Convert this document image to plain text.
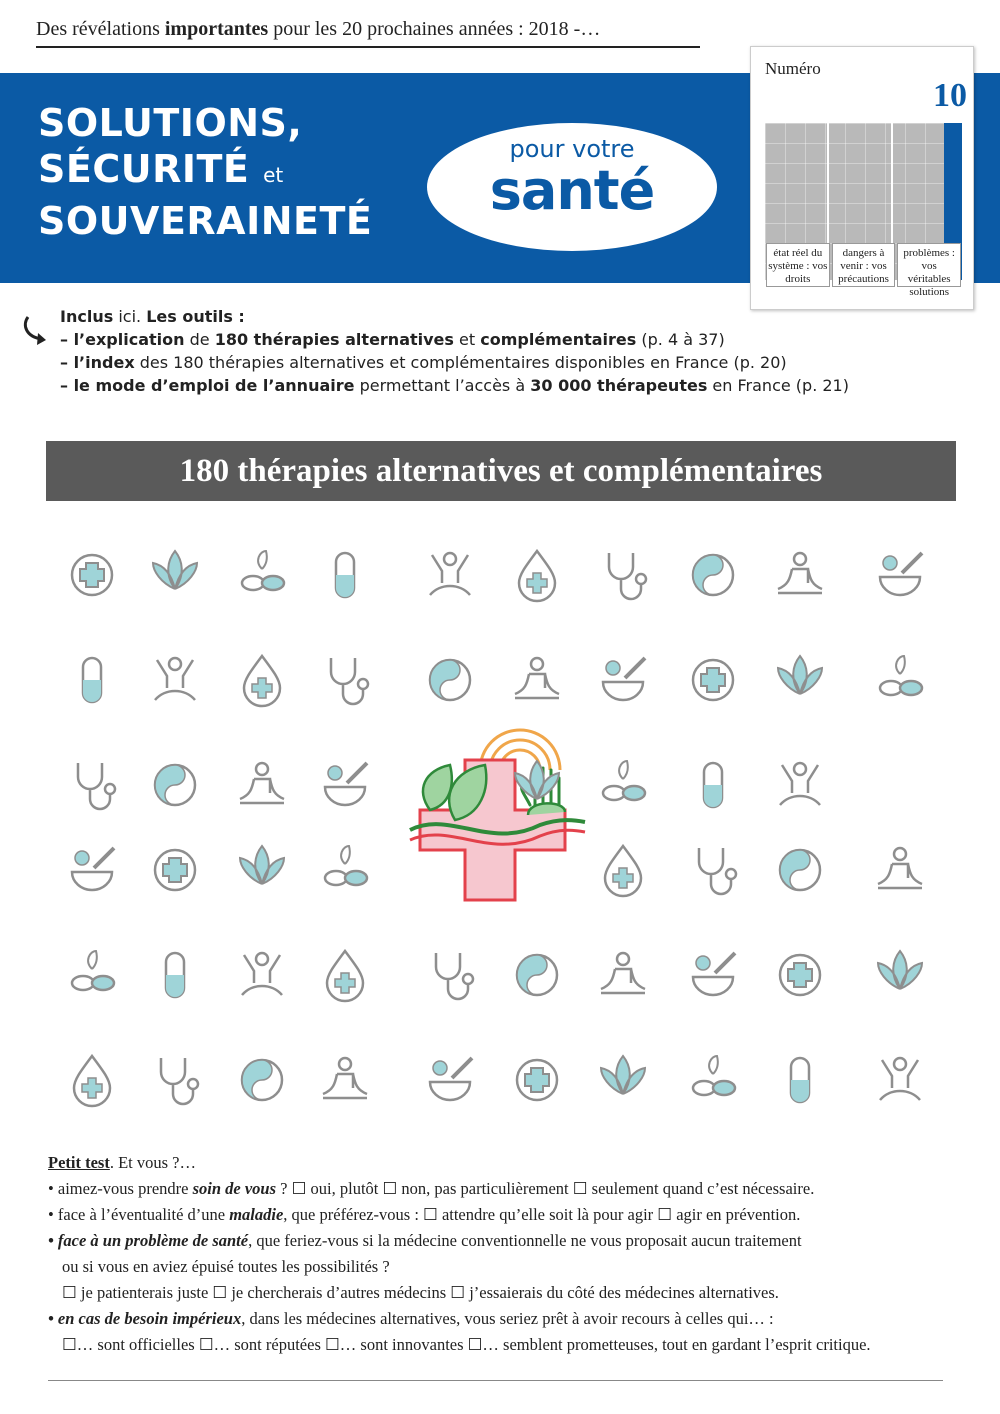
Des révélations importantes pour les 20 prochaines années : 2018 -…
SOLUTIONS,
SÉCURITÉ et
SOUVERAINETÉ
pour votre
santé
Numéro
10
état réel du système : vos droits
dangers à venir : vos précautions
problèmes : vos véritables solutions
Inclus ici. Les outils :
– l’explication de 180 thérapies alternatives et complémentaires (p. 4 à 37)
– l’index des 180 thérapies alternatives et complémentaires disponibles en France (p. 20)
– le mode d’emploi de l’annuaire permettant l’accès à 30 000 thérapeutes en France (p. 21)
180 thérapies alternatives et complémentaires
Petit test. Et vous ?…
• aimez-vous prendre soin de vous ? ☐ oui, plutôt ☐ non, pas particulièrement ☐ seulement quand c’est nécessaire.
• face à l’éventualité d’une maladie, que préférez-vous : ☐ attendre qu’elle soit là pour agir ☐ agir en prévention.
• face à un problème de santé, que feriez-vous si la médecine conventionnelle ne vous proposait aucun traitement
ou si vous en aviez épuisé toutes les possibilités ?
☐ je patienterais juste ☐ je chercherais d’autres médecins ☐ j’essaierais du côté des médecines alternatives.
• en cas de besoin impérieux, dans les médecines alternatives, vous seriez prêt à avoir recours à celles qui… :
☐… sont officielles ☐… sont réputées ☐… sont innovantes ☐… semblent prometteuses, tout en gardant l’esprit critique.
